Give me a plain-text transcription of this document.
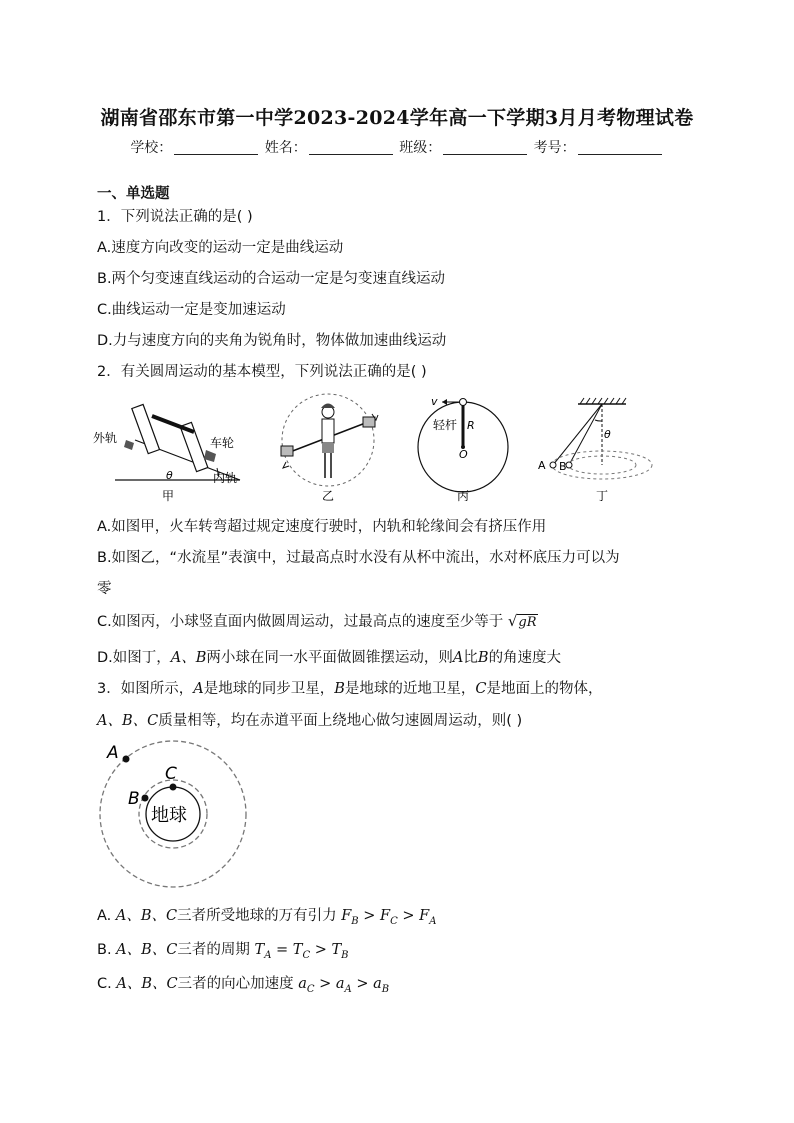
湖南省邵东市第一中学2023-2024学年高一下学期3月月考物理试卷
学校：	姓名：	班级：	考号：
一、单选题
1．下列说法正确的是( )
A.速度方向改变的运动一定是曲线运动
B.两个匀变速直线运动的合运动一定是匀变速直线运动
C.曲线运动一定是变加速运动
D.力与速度方向的夹角为锐角时，物体做加速曲线运动
2．有关圆周运动的基本模型，下列说法正确的是( )
外轨	车轮
内轨
θ
甲	乙
v
轻杆 R
O
丙
θ
A B
丁
A.如图甲，火车转弯超过规定速度行驶时，内轨和轮缘间会有挤压作用
B.如图乙，“水流星”表演中，过最高点时水没有从杯中流出，水对杯底压力可以为
零
C.如图丙，小球竖直面内做圆周运动，过最高点的速度至少等于 √gR
D.如图丁，A、B两小球在同一水平面做圆锥摆运动，则A比B的角速度大
3．如图所示，A是地球的同步卫星，B是地球的近地卫星，C是地面上的物体，
A、B、C质量相等，均在赤道平面上绕地心做匀速圆周运动，则( )
A
B
C
地球
A. A、B、C三者所受地球的万有引力 $F_B > F_C > F_A$
B. A、B、C三者的周期 $T_A = T_C > T_B$
C. A、B、C三者的向心加速度 $a_C > a_A > a_B$
